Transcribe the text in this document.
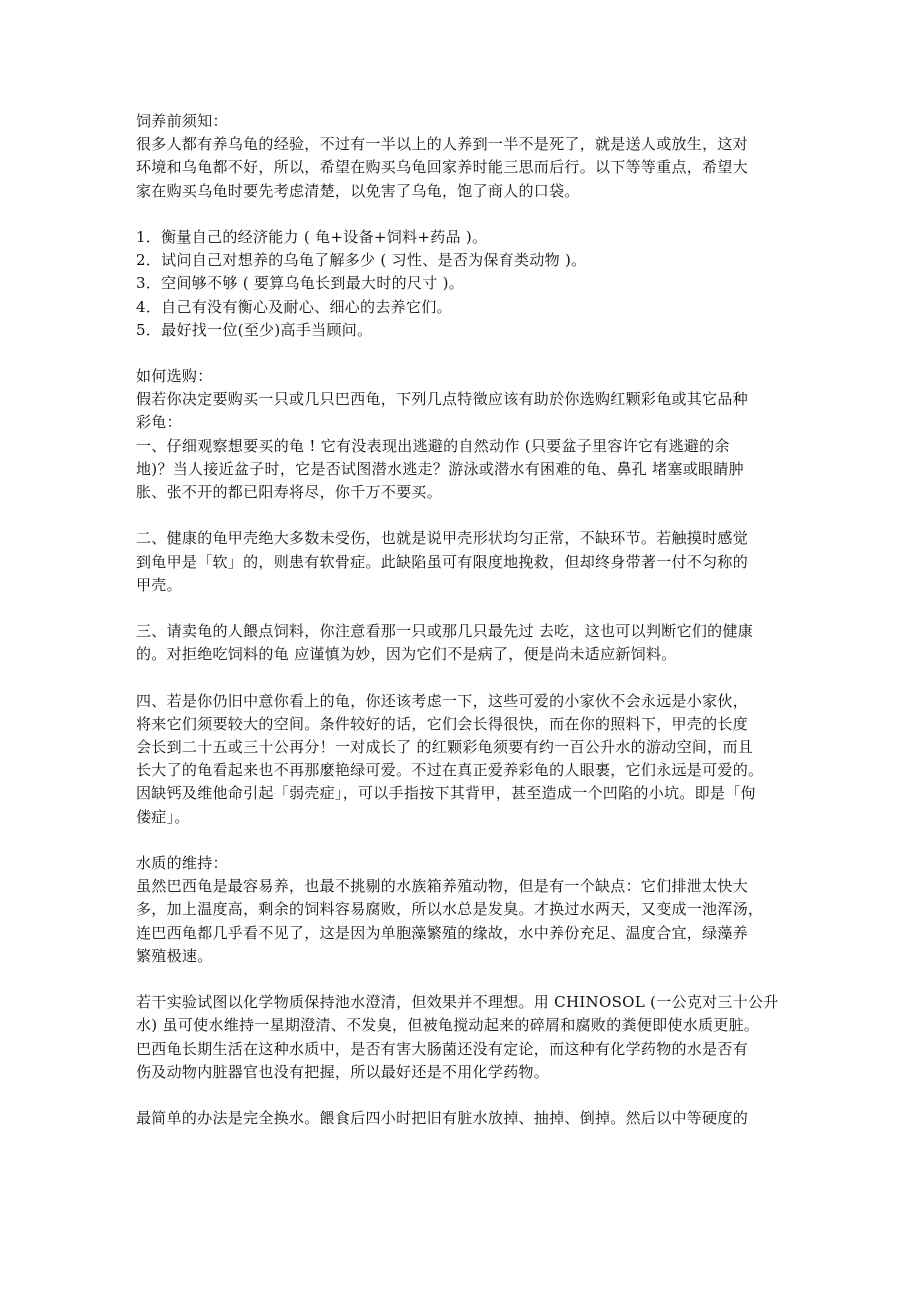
饲养前须知：
很多人都有养乌龟的经验，不过有一半以上的人养到一半不是死了，就是送人或放生，这对
环境和乌龟都不好，所以，希望在购买乌龟回家养时能三思而后行。以下等等重点，希望大
家在购买乌龟时要先考虑清楚，以免害了乌龟，饱了商人的口袋。
1．衡量自己的经济能力 ( 龟+设备+饲料+药品 )。
2．试问自己对想养的乌龟了解多少 ( 习性、是否为保育类动物 )。
3．空间够不够 ( 要算乌龟长到最大时的尺寸 )。
4．自己有没有衡心及耐心、细心的去养它们。
5．最好找一位(至少)高手当顾问。
如何选购：
假若你决定要购买一只或几只巴西龟，下列几点特徵应该有助於你选购红颗彩龟或其它品种
彩龟：
一、仔细观察想要买的龟 ! 它有没表现出逃避的自然动作 (只要盆子里容许它有逃避的余
地)？当人接近盆子时，它是否试图潜水逃走？游泳或潜水有困难的龟、鼻孔 堵塞或眼睛肿
胀、张不开的都已阳寿将尽，你千万不要买。
二、健康的龟甲壳绝大多数未受伤，也就是说甲壳形状均匀正常，不缺环节。若触摸时感觉
到龟甲是「软」的，则患有软骨症。此缺陷虽可有限度地挽救，但却终身带著一付不匀称的
甲壳。
三、请卖龟的人餵点饲料，你注意看那一只或那几只最先过 去吃，这也可以判断它们的健康
的。对拒绝吃饲料的龟 应谨慎为妙，因为它们不是病了，便是尚未适应新饲料。
四、若是你仍旧中意你看上的龟，你还该考虑一下，这些可爱的小家伙不会永远是小家伙，
将来它们须要较大的空间。条件较好的话，它们会长得很快，而在你的照料下，甲壳的长度
会长到二十五或三十公再分！一对成长了 的红颗彩龟须要有约一百公升水的游动空间，而且
长大了的龟看起来也不再那麼艳绿可爱。不过在真正爱养彩龟的人眼裹，它们永远是可爱的。
因缺钙及维他命引起「弱壳症」，可以手指按下其背甲，甚至造成一个凹陷的小坑。即是「佝
偻症」。
水质的维持：
虽然巴西龟是最容易养，也最不挑剔的水族箱养殖动物，但是有一个缺点：它们排泄太快大
多，加上温度高，剩余的饲料容易腐败，所以水总是发臭。才换过水两天，又变成一池浑汤，
连巴西龟都几乎看不见了，这是因为单胞藻繁殖的缘故，水中养份充足、温度合宜，绿藻养
繁殖极速。
若干实验试图以化学物质保持池水澄清，但效果并不理想。用 CHINOSOL (一公克对三十公升
水) 虽可使水维持一星期澄清、不发臭，但被龟搅动起来的碎屑和腐败的粪便即使水质更脏。
巴西龟长期生活在这种水质中，是否有害大肠菌还没有定论，而这种有化学药物的水是否有
伤及动物内脏器官也没有把握，所以最好还是不用化学药物。
最简单的办法是完全换水。餵食后四小时把旧有脏水放掉、抽掉、倒掉。然后以中等硬度的
